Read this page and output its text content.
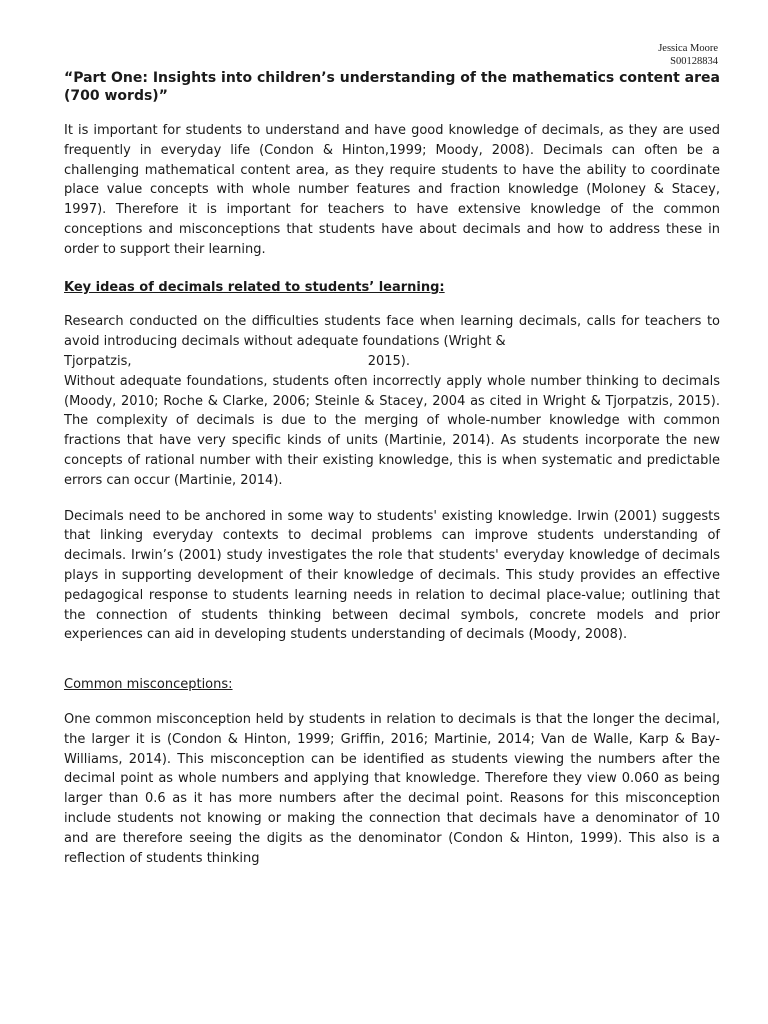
Jessica Moore
S00128834
“Part One: Insights into children’s understanding of the mathematics content area (700 words)”

It is important for students to understand and have good knowledge of decimals, as they are used frequently in everyday life (Condon & Hinton,1999; Moody, 2008). Decimals can often be a challenging mathematical content area, as they require students to have the ability to coordinate place value concepts with whole number features and fraction knowledge (Moloney & Stacey, 1997). Therefore it is important for teachers to have extensive knowledge of the common conceptions and misconceptions that students have about decimals and how to address these in order to support their learning.

Key ideas of decimals related to students’ learning:

Research conducted on the difficulties students face when learning decimals, calls for teachers to avoid introducing decimals without adequate foundations (Wright &

Tjorpatzis,	2015).

Without adequate foundations, students often incorrectly apply whole number thinking to decimals (Moody, 2010; Roche & Clarke, 2006; Steinle & Stacey, 2004 as cited in Wright & Tjorpatzis, 2015). The complexity of decimals is due to the merging of whole-number knowledge with common fractions that have very specific kinds of units (Martinie, 2014). As students incorporate the new concepts of rational number with their existing knowledge, this is when systematic and predictable errors can occur (Martinie, 2014).

Decimals need to be anchored in some way to students' existing knowledge. Irwin (2001) suggests that linking everyday contexts to decimal problems can improve students understanding of decimals. Irwin’s (2001) study investigates the role that students' everyday knowledge of decimals plays in supporting development of their knowledge of decimals. This study provides an effective pedagogical response to students learning needs in relation to decimal place-value; outlining that the connection of students thinking between decimal symbols, concrete models and prior experiences can aid in developing students understanding of decimals (Moody, 2008).

Common misconceptions:

One common misconception held by students in relation to decimals is that the longer the decimal, the larger it is (Condon & Hinton, 1999; Griffin, 2016; Martinie, 2014; Van de Walle, Karp & Bay-Williams, 2014). This misconception can be identified as students viewing the numbers after the decimal point as whole numbers and applying that knowledge. Therefore they view 0.060 as being larger than 0.6 as it has more numbers after the decimal point. Reasons for this misconception include students not knowing or making the connection that decimals have a denominator of 10 and are therefore seeing the digits as the denominator (Condon & Hinton, 1999). This also is a reflection of students thinking
